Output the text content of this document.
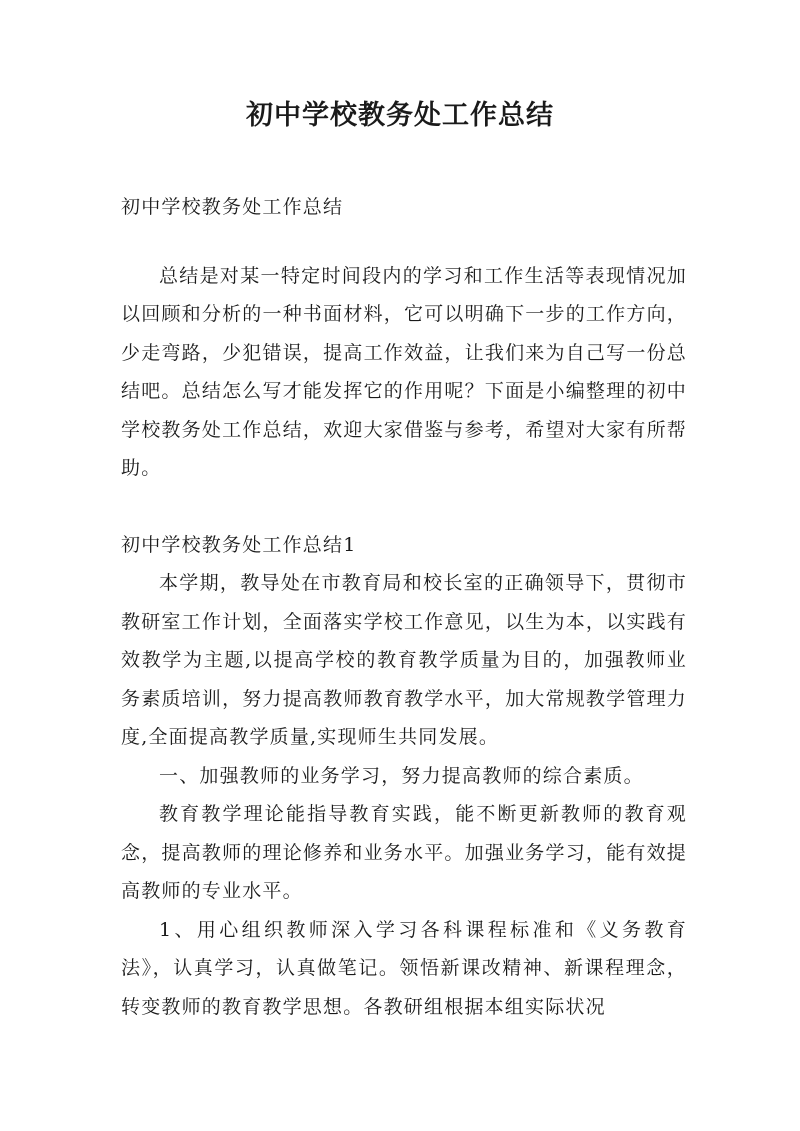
初中学校教务处工作总结

初中学校教务处工作总结

总结是对某一特定时间段内的学习和工作生活等表现情况加以回顾和分析的一种书面材料，它可以明确下一步的工作方向，少走弯路，少犯错误，提高工作效益，让我们来为自己写一份总结吧。总结怎么写才能发挥它的作用呢？下面是小编整理的初中学校教务处工作总结，欢迎大家借鉴与参考，希望对大家有所帮助。

初中学校教务处工作总结1

本学期，教导处在市教育局和校长室的正确领导下，贯彻市教研室工作计划，全面落实学校工作意见，以生为本，以实践有效教学为主题,以提高学校的教育教学质量为目的，加强教师业务素质培训，努力提高教师教育教学水平，加大常规教学管理力度,全面提高教学质量,实现师生共同发展。

一、加强教师的业务学习，努力提高教师的综合素质。

教育教学理论能指导教育实践，能不断更新教师的教育观念，提高教师的理论修养和业务水平。加强业务学习，能有效提高教师的专业水平。

1、用心组织教师深入学习各科课程标准和《义务教育法》，认真学习，认真做笔记。领悟新课改精神、新课程理念，转变教师的教育教学思想。各教研组根据本组实际状况
